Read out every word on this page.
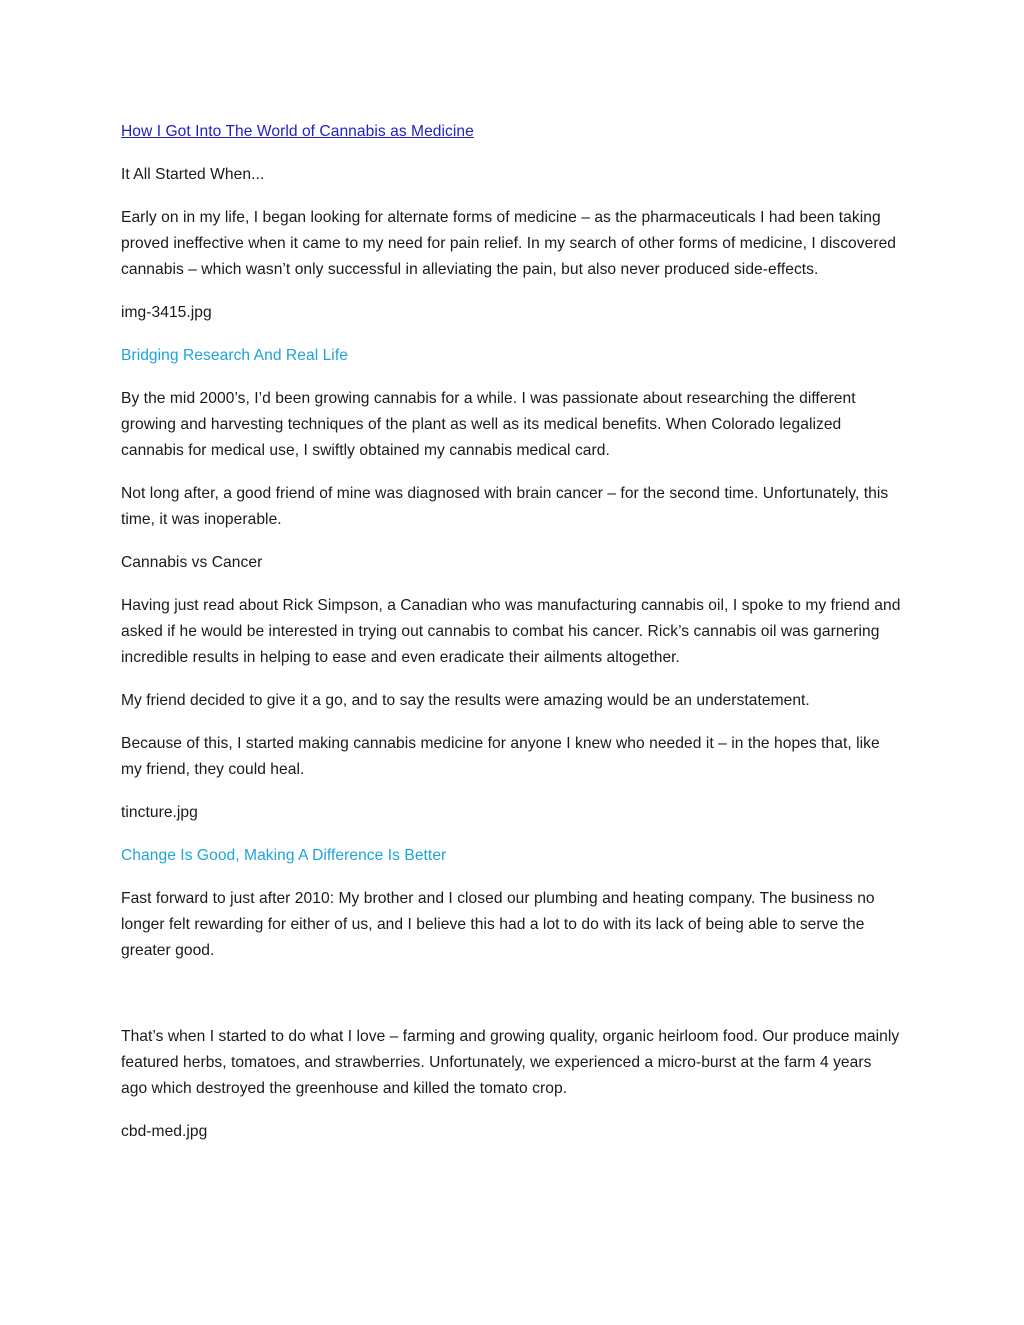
How I Got Into The World of Cannabis as Medicine

It All Started When...

Early on in my life, I began looking for alternate forms of medicine – as the pharmaceuticals I had been taking proved ineffective when it came to my need for pain relief. In my search of other forms of medicine, I discovered cannabis – which wasn’t only successful in alleviating the pain, but also never produced side-effects.

img-3415.jpg

Bridging Research And Real Life

By the mid 2000’s, I’d been growing cannabis for a while. I was passionate about researching the different growing and harvesting techniques of the plant as well as its medical benefits. When Colorado legalized cannabis for medical use, I swiftly obtained my cannabis medical card.

Not long after, a good friend of mine was diagnosed with brain cancer – for the second time. Unfortunately, this time, it was inoperable.

Cannabis vs Cancer

Having just read about Rick Simpson, a Canadian who was manufacturing cannabis oil, I spoke to my friend and asked if he would be interested in trying out cannabis to combat his cancer. Rick’s cannabis oil was garnering incredible results in helping to ease and even eradicate their ailments altogether.

My friend decided to give it a go, and to say the results were amazing would be an understatement.

Because of this, I started making cannabis medicine for anyone I knew who needed it – in the hopes that, like my friend, they could heal.

tincture.jpg

Change Is Good, Making A Difference Is Better

Fast forward to just after 2010: My brother and I closed our plumbing and heating company. The business no longer felt rewarding for either of us, and I believe this had a lot to do with its lack of being able to serve the greater good.

That’s when I started to do what I love – farming and growing quality, organic heirloom food. Our produce mainly featured herbs, tomatoes, and strawberries. Unfortunately, we experienced a micro-burst at the farm 4 years ago which destroyed the greenhouse and killed the tomato crop.

cbd-med.jpg
